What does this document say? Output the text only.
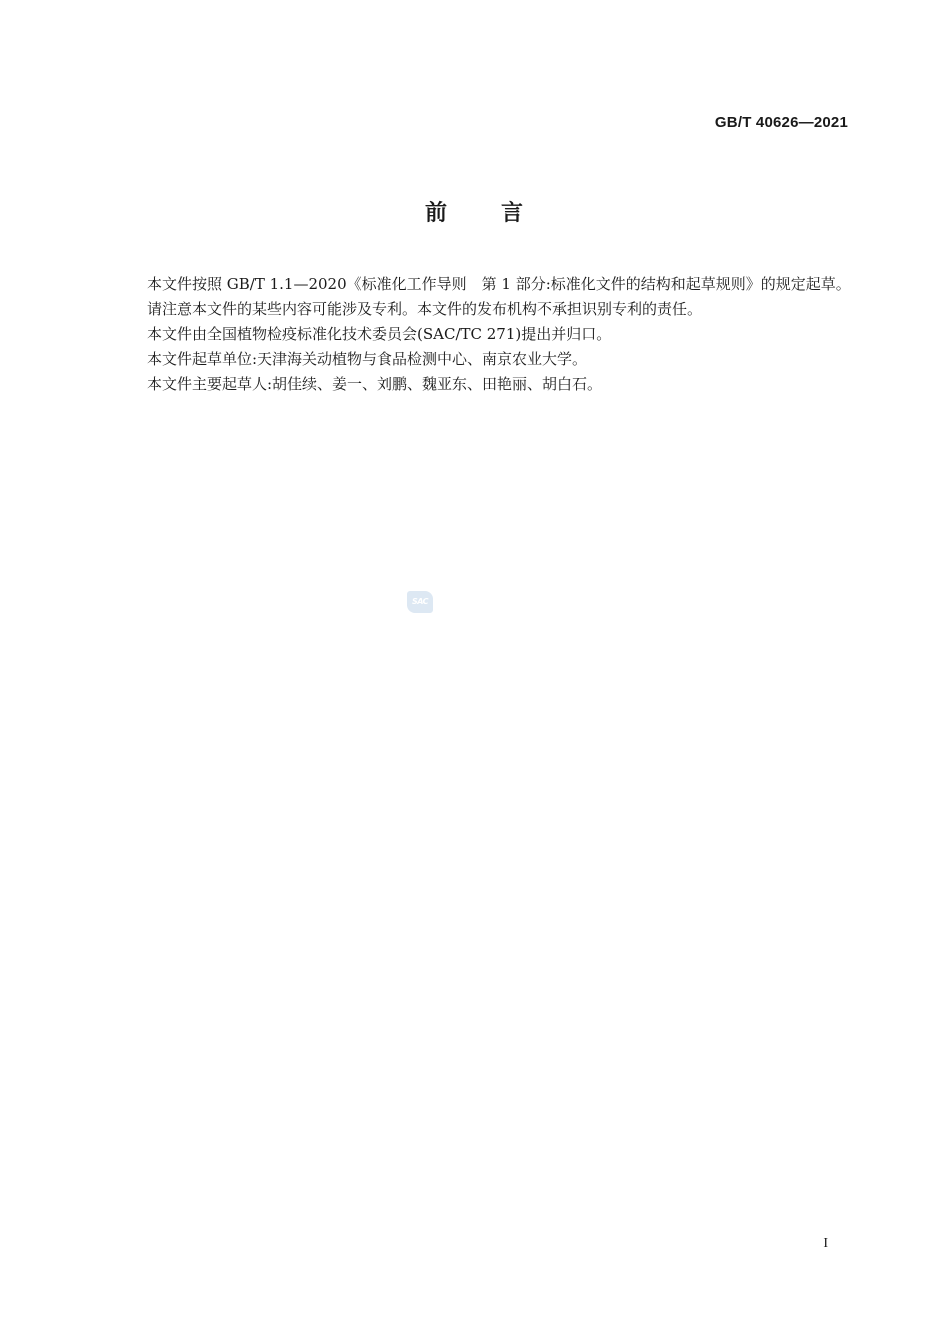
GB/T 40626—2021
前 言

本文件按照 GB/T 1.1—2020《标准化工作导则　第 1 部分:标准化文件的结构和起草规则》的规定起草。

请注意本文件的某些内容可能涉及专利。本文件的发布机构不承担识别专利的责任。

本文件由全国植物检疫标准化技术委员会(SAC/TC 271)提出并归口。

本文件起草单位:天津海关动植物与食品检测中心、南京农业大学。

本文件主要起草人:胡佳续、姜一、刘鹏、魏亚东、田艳丽、胡白石。

SAC
I
